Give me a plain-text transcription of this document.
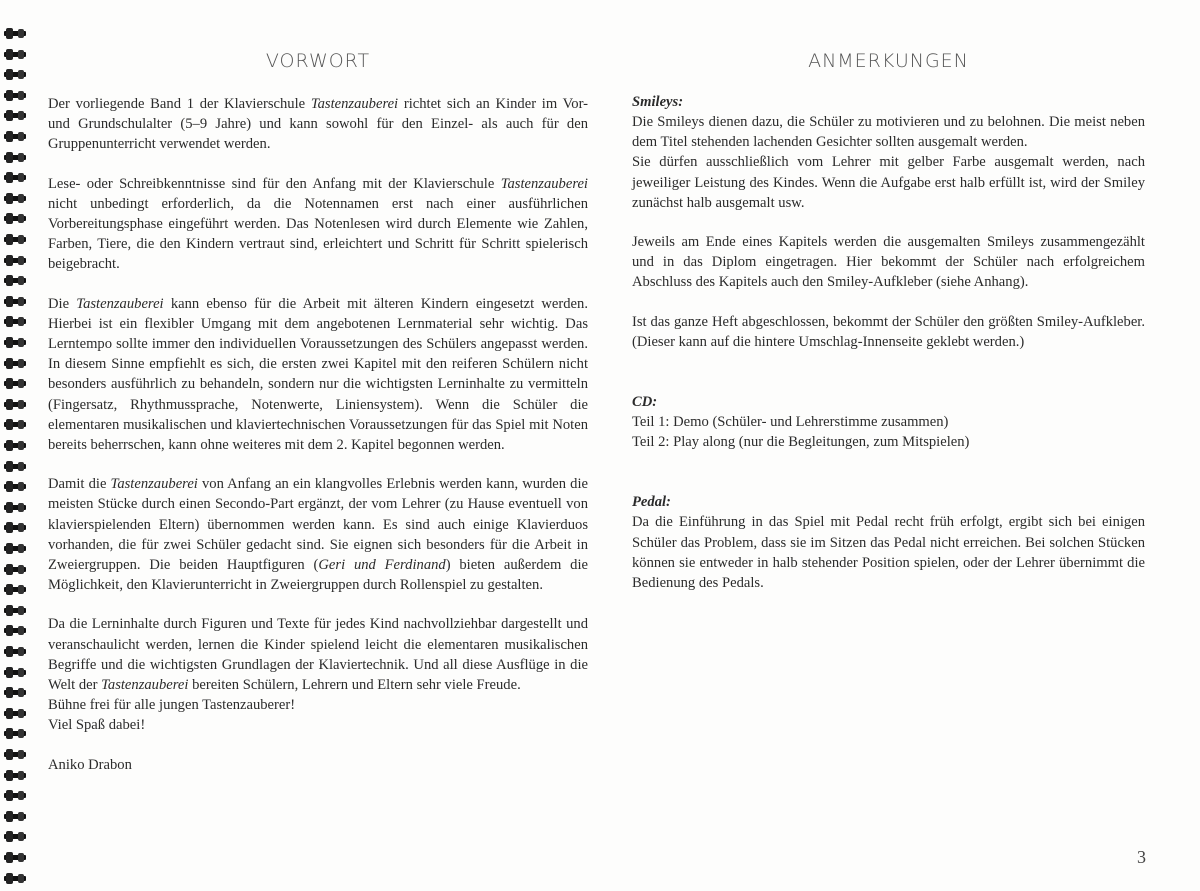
VORWORT

Der vorliegende Band 1 der Klavierschule Tastenzauberei richtet sich an Kinder im Vor- und Grundschulalter (5–9 Jahre) und kann sowohl für den Einzel- als auch für den Gruppenunterricht verwendet werden.

Lese- oder Schreibkenntnisse sind für den Anfang mit der Klavierschule Tastenzauberei nicht unbedingt erforderlich, da die Notennamen erst nach einer ausführlichen Vorbereitungsphase eingeführt werden. Das Notenlesen wird durch Elemente wie Zahlen, Farben, Tiere, die den Kindern vertraut sind, erleichtert und Schritt für Schritt spielerisch beigebracht.

Die Tastenzauberei kann ebenso für die Arbeit mit älteren Kindern eingesetzt werden. Hierbei ist ein flexibler Umgang mit dem angebotenen Lernmaterial sehr wichtig. Das Lerntempo sollte immer den individuellen Voraussetzungen des Schülers angepasst werden. In diesem Sinne empfiehlt es sich, die ersten zwei Kapitel mit den reiferen Schülern nicht besonders ausführlich zu behandeln, sondern nur die wichtigsten Lerninhalte zu vermitteln (Fingersatz, Rhythmussprache, Notenwerte, Liniensystem). Wenn die Schüler die elementaren musikalischen und klaviertechnischen Voraussetzungen für das Spiel mit Noten bereits beherrschen, kann ohne weiteres mit dem 2. Kapitel begonnen werden.

Damit die Tastenzauberei von Anfang an ein klangvolles Erlebnis werden kann, wurden die meisten Stücke durch einen Secondo-Part ergänzt, der vom Lehrer (zu Hause eventuell von klavierspielenden Eltern) übernommen werden kann. Es sind auch einige Klavierduos vorhanden, die für zwei Schüler gedacht sind. Sie eignen sich besonders für die Arbeit in Zweiergruppen. Die beiden Hauptfiguren (Geri und Ferdinand) bieten außerdem die Möglichkeit, den Klavierunterricht in Zweiergruppen durch Rollenspiel zu gestalten.

Da die Lerninhalte durch Figuren und Texte für jedes Kind nachvollziehbar dargestellt und veranschaulicht werden, lernen die Kinder spielend leicht die elementaren musikalischen Begriffe und die wichtigsten Grundlagen der Klaviertechnik. Und all diese Ausflüge in die Welt der Tastenzauberei bereiten Schülern, Lehrern und Eltern sehr viele Freude.

Bühne frei für alle jungen Tastenzauberer!

Viel Spaß dabei!

Aniko Drabon

ANMERKUNGEN
Smileys:

Die Smileys dienen dazu, die Schüler zu motivieren und zu belohnen. Die meist neben dem Titel stehenden lachenden Gesichter sollten ausgemalt werden.

Sie dürfen ausschließlich vom Lehrer mit gelber Farbe ausgemalt werden, nach jeweiliger Leistung des Kindes. Wenn die Aufgabe erst halb erfüllt ist, wird der Smiley zunächst halb ausgemalt usw.

Jeweils am Ende eines Kapitels werden die ausgemalten Smileys zusammengezählt und in das Diplom eingetragen. Hier bekommt der Schüler nach erfolgreichem Abschluss des Kapitels auch den Smiley-Aufkleber (siehe Anhang).

Ist das ganze Heft abgeschlossen, bekommt der Schüler den größten Smiley-Aufkleber. (Dieser kann auf die hintere Umschlag-Innenseite geklebt werden.)

CD:

Teil 1: Demo (Schüler- und Lehrerstimme zusammen)

Teil 2: Play along (nur die Begleitungen, zum Mitspielen)

Pedal:

Da die Einführung in das Spiel mit Pedal recht früh erfolgt, ergibt sich bei einigen Schüler das Problem, dass sie im Sitzen das Pedal nicht erreichen. Bei solchen Stücken können sie entweder in halb stehender Position spielen, oder der Lehrer übernimmt die Bedienung des Pedals.

3
